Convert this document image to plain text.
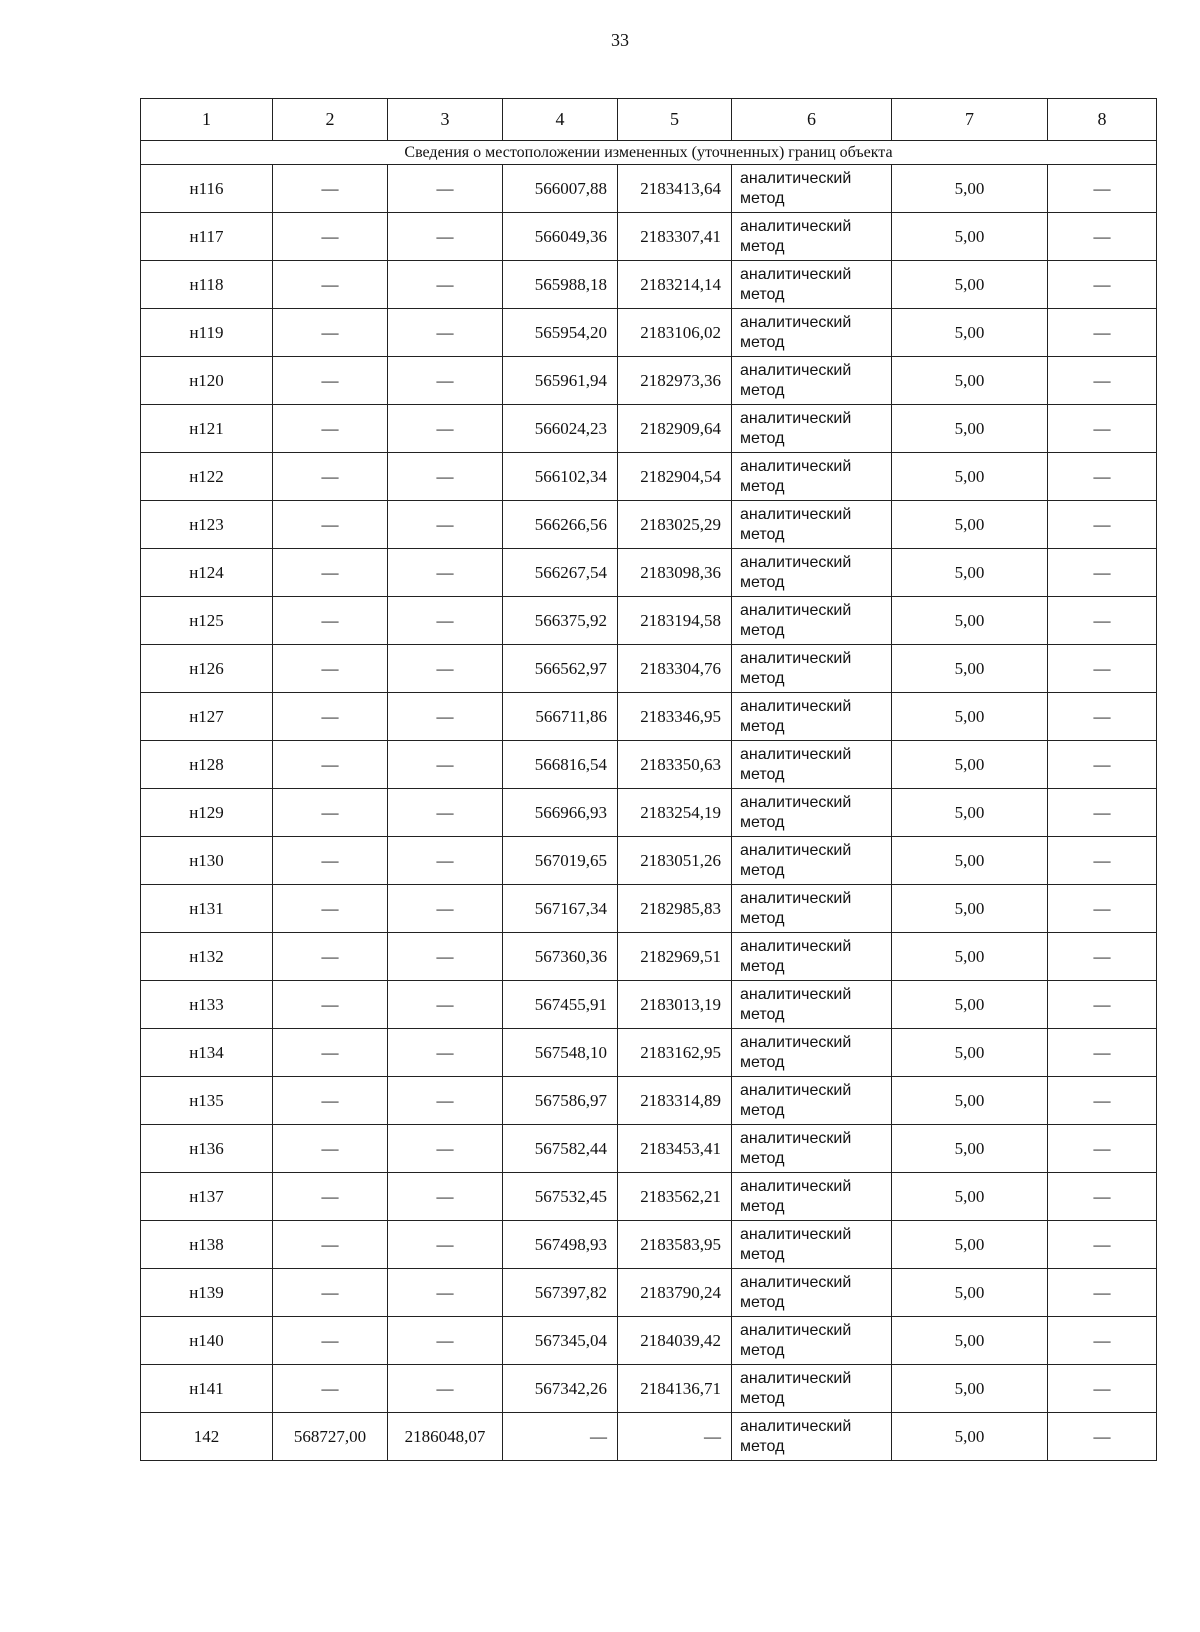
33
1	2	3	4	5	6	7	8
Сведения о местоположении измененных (уточненных) границ объекта							
н116	—	—	566007,88	2183413,64	аналитический
метод	5,00	—
н117	—	—	566049,36	2183307,41	аналитический
метод	5,00	—
н118	—	—	565988,18	2183214,14	аналитический
метод	5,00	—
н119	—	—	565954,20	2183106,02	аналитический
метод	5,00	—
н120	—	—	565961,94	2182973,36	аналитический
метод	5,00	—
н121	—	—	566024,23	2182909,64	аналитический
метод	5,00	—
н122	—	—	566102,34	2182904,54	аналитический
метод	5,00	—
н123	—	—	566266,56	2183025,29	аналитический
метод	5,00	—
н124	—	—	566267,54	2183098,36	аналитический
метод	5,00	—
н125	—	—	566375,92	2183194,58	аналитический
метод	5,00	—
н126	—	—	566562,97	2183304,76	аналитический
метод	5,00	—
н127	—	—	566711,86	2183346,95	аналитический
метод	5,00	—
н128	—	—	566816,54	2183350,63	аналитический
метод	5,00	—
н129	—	—	566966,93	2183254,19	аналитический
метод	5,00	—
н130	—	—	567019,65	2183051,26	аналитический
метод	5,00	—
н131	—	—	567167,34	2182985,83	аналитический
метод	5,00	—
н132	—	—	567360,36	2182969,51	аналитический
метод	5,00	—
н133	—	—	567455,91	2183013,19	аналитический
метод	5,00	—
н134	—	—	567548,10	2183162,95	аналитический
метод	5,00	—
н135	—	—	567586,97	2183314,89	аналитический
метод	5,00	—
н136	—	—	567582,44	2183453,41	аналитический
метод	5,00	—
н137	—	—	567532,45	2183562,21	аналитический
метод	5,00	—
н138	—	—	567498,93	2183583,95	аналитический
метод	5,00	—
н139	—	—	567397,82	2183790,24	аналитический
метод	5,00	—
н140	—	—	567345,04	2184039,42	аналитический
метод	5,00	—
н141	—	—	567342,26	2184136,71	аналитический
метод	5,00	—
142	568727,00	2186048,07	—	—	аналитический
метод	5,00	—
